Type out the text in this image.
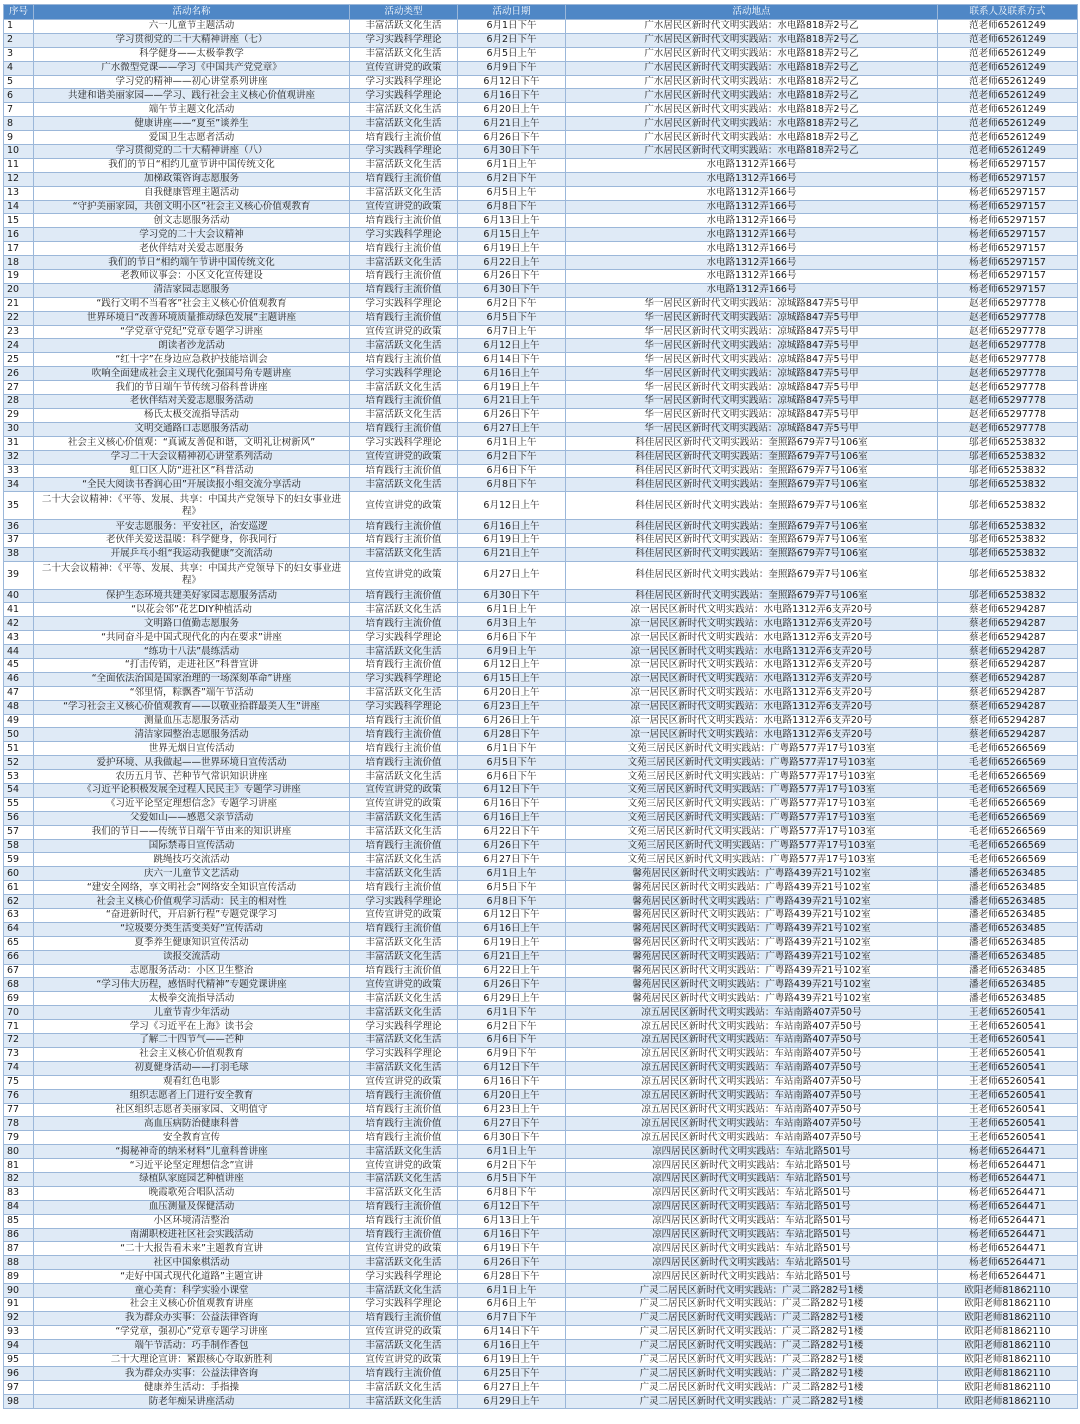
序号	活动名称	活动类型	活动日期	活动地点	联系人及联系方式
1	六一儿童节主题活动	丰富活跃文化生活	6月1日下午	广水居民区新时代文明实践站：水电路818弄2号乙	范老师65261249
2	学习贯彻党的二十大精神讲座（七）	学习实践科学理论	6月2日下午	广水居民区新时代文明实践站：水电路818弄2号乙	范老师65261249
3	科学健身——太极拳教学	丰富活跃文化生活	6月5日上午	广水居民区新时代文明实践站：水电路818弄2号乙	范老师65261249
4	广水微型党课——学习《中国共产党党章》	宣传宣讲党的政策	6月9日下午	广水居民区新时代文明实践站：水电路818弄2号乙	范老师65261249
5	学习党的精神——初心讲堂系列讲座	学习实践科学理论	6月12日下午	广水居民区新时代文明实践站：水电路818弄2号乙	范老师65261249
6	共建和谐美丽家园——学习、践行社会主义核心价值观讲座	学习实践科学理论	6月16日下午	广水居民区新时代文明实践站：水电路818弄2号乙	范老师65261249
7	端午节主题文化活动	丰富活跃文化生活	6月20日上午	广水居民区新时代文明实践站：水电路818弄2号乙	范老师65261249
8	健康讲座——“夏至”谈养生	丰富活跃文化生活	6月21日上午	广水居民区新时代文明实践站：水电路818弄2号乙	范老师65261249
9	爱国卫生志愿者活动	培育践行主流价值	6月26日下午	广水居民区新时代文明实践站：水电路818弄2号乙	范老师65261249
10	学习贯彻党的二十大精神讲座（八）	学习实践科学理论	6月30日下午	广水居民区新时代文明实践站：水电路818弄2号乙	范老师65261249
11	我们的节日“相约儿童节讲中国传统文化	丰富活跃文化生活	6月1日上午	水电路1312弄166号	杨老师65297157
12	加梯政策咨询志愿服务	培育践行主流价值	6月2日下午	水电路1312弄166号	杨老师65297157
13	自我健康管理主题活动	丰富活跃文化生活	6月5日上午	水电路1312弄166号	杨老师65297157
14	“守护美丽家园，共创文明小区”社会主义核心价值观教育	宣传宣讲党的政策	6月8日下午	水电路1312弄166号	杨老师65297157
15	创文志愿服务活动	培育践行主流价值	6月13日上午	水电路1312弄166号	杨老师65297157
16	学习党的二十大会议精神	学习实践科学理论	6月15日上午	水电路1312弄166号	杨老师65297157
17	老伙伴结对关爱志愿服务	培育践行主流价值	6月19日上午	水电路1312弄166号	杨老师65297157
18	我们的节日“相约端午节讲中国传统文化	丰富活跃文化生活	6月22日上午	水电路1312弄166号	杨老师65297157
19	老教师议事会：小区文化宣传建设	培育践行主流价值	6月26日下午	水电路1312弄166号	杨老师65297157
20	清洁家园志愿服务	培育践行主流价值	6月30日下午	水电路1312弄166号	杨老师65297157
21	“践行文明不当看客”社会主义核心价值观教育	学习实践科学理论	6月2日下午	华一居民区新时代文明实践站：凉城路847弄5号甲	赵老师65297778
22	世界环境日“改善环境质量推动绿色发展”主题讲座	培育践行主流价值	6月5日下午	华一居民区新时代文明实践站：凉城路847弄5号甲	赵老师65297778
23	“学党章守党纪”党章专题学习讲座	宣传宣讲党的政策	6月7日上午	华一居民区新时代文明实践站：凉城路847弄5号甲	赵老师65297778
24	朗读者沙龙活动	丰富活跃文化生活	6月12日上午	华一居民区新时代文明实践站：凉城路847弄5号甲	赵老师65297778
25	“红十字”在身边应急救护技能培训会	培育践行主流价值	6月14日下午	华一居民区新时代文明实践站：凉城路847弄5号甲	赵老师65297778
26	吹响全面建成社会主义现代化强国号角专题讲座	学习实践科学理论	6月16日上午	华一居民区新时代文明实践站：凉城路847弄5号甲	赵老师65297778
27	我们的节日端午节传统习俗科普讲座	丰富活跃文化生活	6月19日上午	华一居民区新时代文明实践站：凉城路847弄5号甲	赵老师65297778
28	老伙伴结对关爱志愿服务活动	培育践行主流价值	6月21日上午	华一居民区新时代文明实践站：凉城路847弄5号甲	赵老师65297778
29	杨氏太极交流指导活动	丰富活跃文化生活	6月26日下午	华一居民区新时代文明实践站：凉城路847弄5号甲	赵老师65297778
30	文明交通路口志愿服务活动	培育践行主流价值	6月27日上午	华一居民区新时代文明实践站：凉城路847弄5号甲	赵老师65297778
31	社会主义核心价值观：“真诚友善促和谐，文明礼让树新风”	学习实践科学理论	6月1日上午	科佳居民区新时代文明实践站：奎照路679弄7号106室	邬老师65253832
32	学习二十大会议精神初心讲堂系列活动	宣传宣讲党的政策	6月2日下午	科佳居民区新时代文明实践站：奎照路679弄7号106室	邬老师65253832
33	虹口区人防“进社区”科普活动	培育践行主流价值	6月6日下午	科佳居民区新时代文明实践站：奎照路679弄7号106室	邬老师65253832
34	“全民大阅读书香润心田”开展读报小组交流分享活动	丰富活跃文化生活	6月8日下午	科佳居民区新时代文明实践站：奎照路679弄7号106室	邬老师65253832
35	二十大会议精神：《平等、发展、共享：中国共产党领导下的妇女事业进程》	宣传宣讲党的政策	6月12日上午	科佳居民区新时代文明实践站：奎照路679弄7号106室	邬老师65253832
36	平安志愿服务：平安社区，治安巡逻	培育践行主流价值	6月16日上午	科佳居民区新时代文明实践站：奎照路679弄7号106室	邬老师65253832
37	老伙伴关爱送温暖：科学健身，你我同行	培育践行主流价值	6月19日上午	科佳居民区新时代文明实践站：奎照路679弄7号106室	邬老师65253832
38	开展乒乓小组“我运动我健康”交流活动	丰富活跃文化生活	6月21日上午	科佳居民区新时代文明实践站：奎照路679弄7号106室	邬老师65253832
39	二十大会议精神：《平等、发展、共享：中国共产党领导下的妇女事业进程》	宣传宣讲党的政策	6月27日上午	科佳居民区新时代文明实践站：奎照路679弄7号106室	邬老师65253832
40	保护生态环境共建美好家园志愿服务活动	培育践行主流价值	6月30日下午	科佳居民区新时代文明实践站：奎照路679弄7号106室	邬老师65253832
41	“以花会邻”花艺DIY种植活动	丰富活跃文化生活	6月1日上午	凉一居民区新时代文明实践站：水电路1312弄6支弄20号	蔡老师65294287
42	文明路口值勤志愿服务	培育践行主流价值	6月3日上午	凉一居民区新时代文明实践站：水电路1312弄6支弄20号	蔡老师65294287
43	“共同奋斗是中国式现代化的内在要求”讲座	学习实践科学理论	6月6日下午	凉一居民区新时代文明实践站：水电路1312弄6支弄20号	蔡老师65294287
44	“练功十八法”晨练活动	丰富活跃文化生活	6月9日上午	凉一居民区新时代文明实践站：水电路1312弄6支弄20号	蔡老师65294287
45	“打击传销，走进社区”科普宣讲	培育践行主流价值	6月12日上午	凉一居民区新时代文明实践站：水电路1312弄6支弄20号	蔡老师65294287
46	“全面依法治国是国家治理的一场深刻革命”讲座	学习实践科学理论	6月15日上午	凉一居民区新时代文明实践站：水电路1312弄6支弄20号	蔡老师65294287
47	“邻里情，粽飘香”端午节活动	丰富活跃文化生活	6月20日上午	凉一居民区新时代文明实践站：水电路1312弄6支弄20号	蔡老师65294287
48	“学习社会主义核心价值观教育——以敬业拾群最美人生”讲座	学习实践科学理论	6月23日上午	凉一居民区新时代文明实践站：水电路1312弄6支弄20号	蔡老师65294287
49	测量血压志愿服务活动	培育践行主流价值	6月26日上午	凉一居民区新时代文明实践站：水电路1312弄6支弄20号	蔡老师65294287
50	清洁家园整治志愿服务活动	培育践行主流价值	6月28日下午	凉一居民区新时代文明实践站：水电路1312弄6支弄20号	蔡老师65294287
51	世界无烟日宣传活动	培育践行主流价值	6月1日下午	文苑三居民区新时代文明实践站：广粤路577弄17号103室	毛老师65266569
52	爱护环境、从我做起——世界环境日宣传活动	培育践行主流价值	6月5日下午	文苑三居民区新时代文明实践站：广粤路577弄17号103室	毛老师65266569
53	农历五月节、芒种节气常识知识讲座	丰富活跃文化生活	6月6日下午	文苑三居民区新时代文明实践站：广粤路577弄17号103室	毛老师65266569
54	《习近平论积极发展全过程人民民主》专题学习讲座	宣传宣讲党的政策	6月12日下午	文苑三居民区新时代文明实践站：广粤路577弄17号103室	毛老师65266569
55	《习近平论坚定理想信念》专题学习讲座	宣传宣讲党的政策	6月16日下午	文苑三居民区新时代文明实践站：广粤路577弄17号103室	毛老师65266569
56	父爱如山——感恩父亲节活动	丰富活跃文化生活	6月16日上午	文苑三居民区新时代文明实践站：广粤路577弄17号103室	毛老师65266569
57	我们的节日——传统节日端午节由来的知识讲座	丰富活跃文化生活	6月22日下午	文苑三居民区新时代文明实践站：广粤路577弄17号103室	毛老师65266569
58	国际禁毒日宣传活动	培育践行主流价值	6月26日下午	文苑三居民区新时代文明实践站：广粤路577弄17号103室	毛老师65266569
59	跳绳技巧交流活动	丰富活跃文化生活	6月27日下午	文苑三居民区新时代文明实践站：广粤路577弄17号103室	毛老师65266569
60	庆六一儿童节文艺活动	丰富活跃文化生活	6月1日上午	馨苑居民区新时代文明实践站：广粤路439弄21号102室	潘老师65263485
61	“建安全网络，享文明社会”网络安全知识宣传活动	培育践行主流价值	6月5日下午	馨苑居民区新时代文明实践站：广粤路439弄21号102室	潘老师65263485
62	社会主义核心价值观学习活动：民主的相对性	学习实践科学理论	6月8日下午	馨苑居民区新时代文明实践站：广粤路439弄21号102室	潘老师65263485
63	“奋进新时代，开启新行程”专题党课学习	宣传宣讲党的政策	6月12日下午	馨苑居民区新时代文明实践站：广粤路439弄21号102室	潘老师65263485
64	“垃圾要分类生活变美好”宣传活动	培育践行主流价值	6月16日上午	馨苑居民区新时代文明实践站：广粤路439弄21号102室	潘老师65263485
65	夏季养生健康知识宣传活动	丰富活跃文化生活	6月19日上午	馨苑居民区新时代文明实践站：广粤路439弄21号102室	潘老师65263485
66	读报交流活动	丰富活跃文化生活	6月21日上午	馨苑居民区新时代文明实践站：广粤路439弄21号102室	潘老师65263485
67	志愿服务活动：小区卫生整治	培育践行主流价值	6月22日上午	馨苑居民区新时代文明实践站：广粤路439弄21号102室	潘老师65263485
68	“学习伟大历程，感悟时代精神”专题党课讲座	宣传宣讲党的政策	6月26日下午	馨苑居民区新时代文明实践站：广粤路439弄21号102室	潘老师65263485
69	太极拳交流指导活动	丰富活跃文化生活	6月29日上午	馨苑居民区新时代文明实践站：广粤路439弄21号102室	潘老师65263485
70	儿童节青少年活动	丰富活跃文化生活	6月1日下午	凉五居民区新时代文明实践站：车站南路407弄50号	王老师65260541
71	学习《习近平在上海》读书会	学习实践科学理论	6月2日下午	凉五居民区新时代文明实践站：车站南路407弄50号	王老师65260541
72	了解二十四节气——芒种	丰富活跃文化生活	6月6日下午	凉五居民区新时代文明实践站：车站南路407弄50号	王老师65260541
73	社会主义核心价值观教育	学习实践科学理论	6月9日下午	凉五居民区新时代文明实践站：车站南路407弄50号	王老师65260541
74	初夏健身活动——打羽毛球	丰富活跃文化生活	6月12日下午	凉五居民区新时代文明实践站：车站南路407弄50号	王老师65260541
75	观看红色电影	宣传宣讲党的政策	6月16日下午	凉五居民区新时代文明实践站：车站南路407弄50号	王老师65260541
76	组织志愿者上门进行安全教育	培育践行主流价值	6月20日上午	凉五居民区新时代文明实践站：车站南路407弄50号	王老师65260541
77	社区组织志愿者美丽家园、文明值守	培育践行主流价值	6月23日上午	凉五居民区新时代文明实践站：车站南路407弄50号	王老师65260541
78	高血压病防治健康科普	培育践行主流价值	6月27日下午	凉五居民区新时代文明实践站：车站南路407弄50号	王老师65260541
79	安全教育宣传	培育践行主流价值	6月30日下午	凉五居民区新时代文明实践站：车站南路407弄50号	王老师65260541
80	“揭秘神奇的纳米材料”儿童科普讲座	丰富活跃文化生活	6月1日上午	凉四居民区新时代文明实践站：车站北路501号	杨老师65264471
81	“习近平论坚定理想信念”宣讲	宣传宣讲党的政策	6月2日下午	凉四居民区新时代文明实践站：车站北路501号	杨老师65264471
82	绿植队家庭园艺种植讲座	丰富活跃文化生活	6月5日下午	凉四居民区新时代文明实践站：车站北路501号	杨老师65264471
83	晚霞歌苑合唱队活动	丰富活跃文化生活	6月8日下午	凉四居民区新时代文明实践站：车站北路501号	杨老师65264471
84	血压测量及保健活动	培育践行主流价值	6月12日下午	凉四居民区新时代文明实践站：车站北路501号	杨老师65264471
85	小区环境清洁整治	培育践行主流价值	6月13日上午	凉四居民区新时代文明实践站：车站北路501号	杨老师65264471
86	南湖职校进社区社会实践活动	培育践行主流价值	6月16日下午	凉四居民区新时代文明实践站：车站北路501号	杨老师65264471
87	“二十大报告看未来”主题教育宣讲	宣传宣讲党的政策	6月19日下午	凉四居民区新时代文明实践站：车站北路501号	杨老师65264471
88	社区中国象棋活动	丰富活跃文化生活	6月26日下午	凉四居民区新时代文明实践站：车站北路501号	杨老师65264471
89	“走好中国式现代化道路”主题宣讲	学习实践科学理论	6月28日下午	凉四居民区新时代文明实践站：车站北路501号	杨老师65264471
90	童心美育：科学实验小课堂	丰富活跃文化生活	6月1日上午	广灵二居民区新时代文明实践站：广灵二路282号1楼	欧阳老师81862110
91	社会主义核心价值观教育讲座	学习实践科学理论	6月6日上午	广灵二居民区新时代文明实践站：广灵二路282号1楼	欧阳老师81862110
92	我为群众办实事：公益法律咨询	培育践行主流价值	6月7日下午	广灵二居民区新时代文明实践站：广灵二路282号1楼	欧阳老师81862110
93	“学党章，强初心”党章专题学习讲座	宣传宣讲党的政策	6月14日下午	广灵二居民区新时代文明实践站：广灵二路282号1楼	欧阳老师81862110
94	端午节活动：巧手制作香包	丰富活跃文化生活	6月16日上午	广灵二居民区新时代文明实践站：广灵二路282号1楼	欧阳老师81862110
95	二十大理论宣讲：紧跟核心夺取新胜利	宣传宣讲党的政策	6月19日上午	广灵二居民区新时代文明实践站：广灵二路282号1楼	欧阳老师81862110
96	我为群众办实事：公益法律咨询	培育践行主流价值	6月25日下午	广灵二居民区新时代文明实践站：广灵二路282号1楼	欧阳老师81862110
97	健康养生活动：手指操	丰富活跃文化生活	6月27日上午	广灵二居民区新时代文明实践站：广灵二路282号1楼	欧阳老师81862110
98	防老年痴呆讲座活动	丰富活跃文化生活	6月29日上午	广灵二居民区新时代文明实践站：广灵二路282号1楼	欧阳老师81862110
